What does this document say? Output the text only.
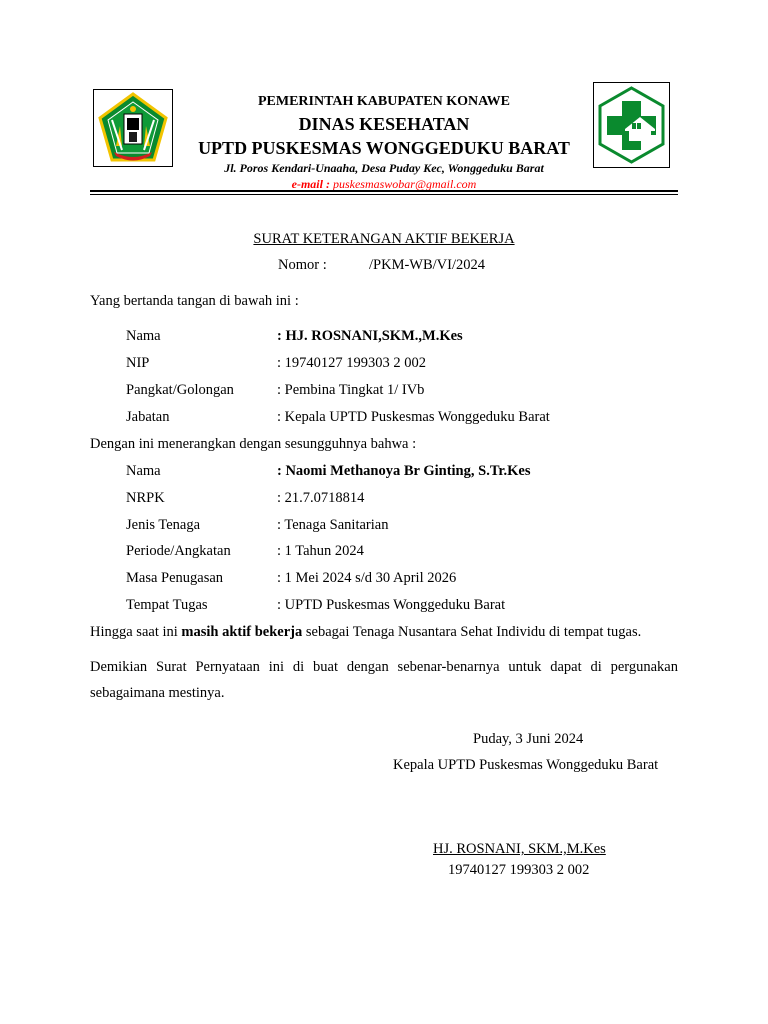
PEMERINTAH KABUPATEN KONAWE
DINAS KESEHATAN
UPTD PUSKESMAS WONGGEDUKU BARAT
Jl. Poros Kendari-Unaaha, Desa Puday Kec, Wonggeduku Barat
e-mail : puskesmaswobar@gmail.com
SURAT KETERANGAN AKTIF BEKERJA
Nomor :	/PKM-WB/VI/2024
Yang bertanda tangan di bawah ini :
Nama	: HJ. ROSNANI,SKM.,M.Kes
NIP	: 19740127 199303 2 002
Pangkat/Golongan	: Pembina Tingkat 1/ IVb
Jabatan	: Kepala UPTD Puskesmas Wonggeduku Barat
Dengan ini menerangkan dengan sesungguhnya bahwa :
Nama	: Naomi Methanoya Br Ginting, S.Tr.Kes
NRPK	: 21.7.0718814
Jenis Tenaga	: Tenaga Sanitarian
Periode/Angkatan	: 1 Tahun 2024
Masa Penugasan	: 1 Mei 2024 s/d 30 April 2026
Tempat Tugas	: UPTD Puskesmas Wonggeduku Barat
Hingga saat ini masih aktif bekerja sebagai Tenaga Nusantara Sehat Individu di tempat tugas.
Demikian Surat Pernyataan ini di buat dengan sebenar-benarnya untuk dapat di pergunakan sebagaimana mestinya.
Puday, 3 Juni 2024
Kepala UPTD Puskesmas Wonggeduku Barat
HJ. ROSNANI, SKM.,M.Kes
19740127 199303 2 002
